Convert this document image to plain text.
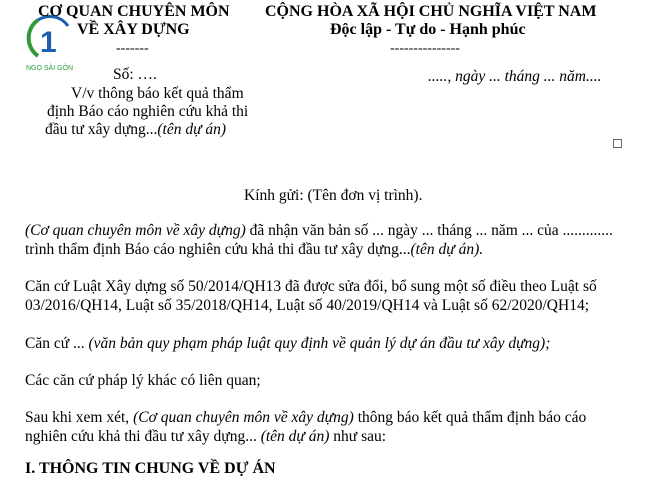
1
NGỌ SÀI GÒN
CƠ QUAN CHUYÊN MÔN
VỀ XÂY DỰNG
-------
Số: ….
V/v thông báo kết quả thẩm
định Báo cáo nghiên cứu khả thi
đầu tư xây dựng...(tên dự án)
CỘNG HÒA XÃ HỘI CHỦ NGHĨA VIỆT NAM
Độc lập - Tự do - Hạnh phúc
---------------
....., ngày ... tháng ... năm....
Kính gửi: (Tên đơn vị trình).
(Cơ quan chuyên môn về xây dựng) đã nhận văn bản số ... ngày ... tháng ... năm ... của .............
trình thẩm định Báo cáo nghiên cứu khả thi đầu tư xây dựng...(tên dự án).
Căn cứ Luật Xây dựng số 50/2014/QH13 đã được sửa đổi, bổ sung một số điều theo Luật số
03/2016/QH14, Luật số 35/2018/QH14, Luật số 40/2019/QH14 và Luật số 62/2020/QH14;
Căn cứ ... (văn bản quy phạm pháp luật quy định về quản lý dự án đầu tư xây dựng);
Các căn cứ pháp lý khác có liên quan;
Sau khi xem xét, (Cơ quan chuyên môn về xây dựng) thông báo kết quả thẩm định báo cáo
nghiên cứu khả thi đầu tư xây dựng... (tên dự án) như sau:
I. THÔNG TIN CHUNG VỀ DỰ ÁN
